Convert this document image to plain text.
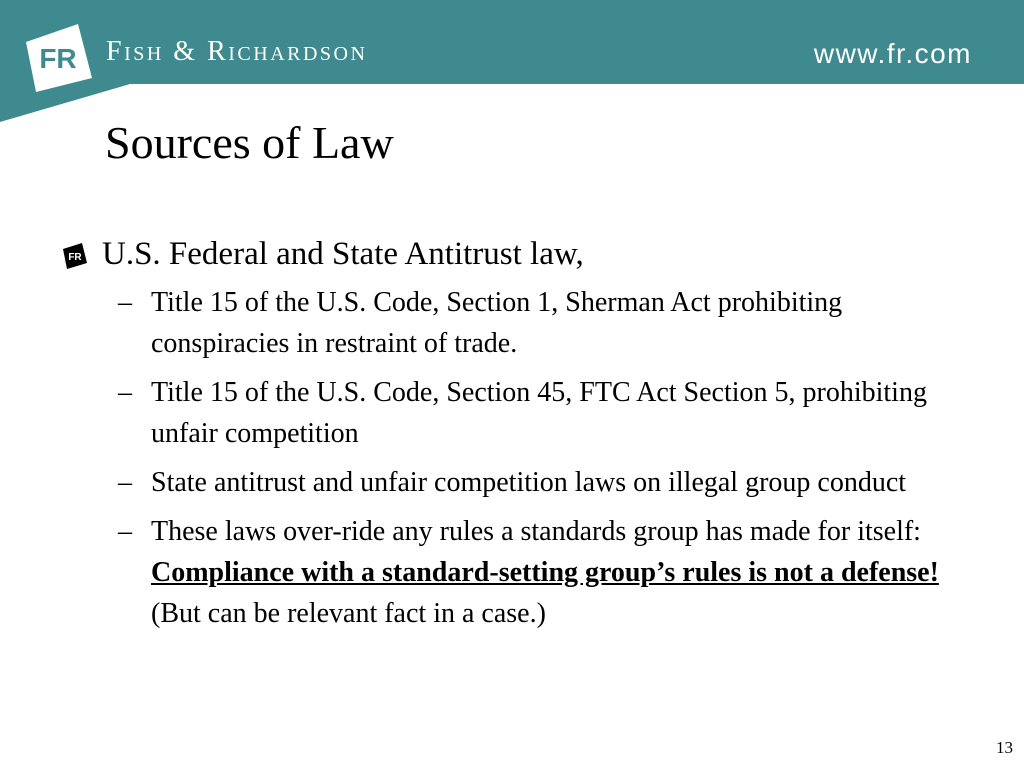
FR Fish & Richardson	www.fr.com
Sources of Law
FR U.S. Federal and State Antitrust law,
– Title 15 of the U.S. Code, Section 1, Sherman Act prohibiting conspiracies in restraint of trade.
– Title 15 of the U.S. Code, Section 45, FTC Act Section 5, prohibiting unfair competition
– State antitrust and unfair competition laws on illegal group conduct
– These laws over-ride any rules a standards group has made for itself: Compliance with a standard-setting group’s rules is not a defense! (But can be relevant fact in a case.)
13
